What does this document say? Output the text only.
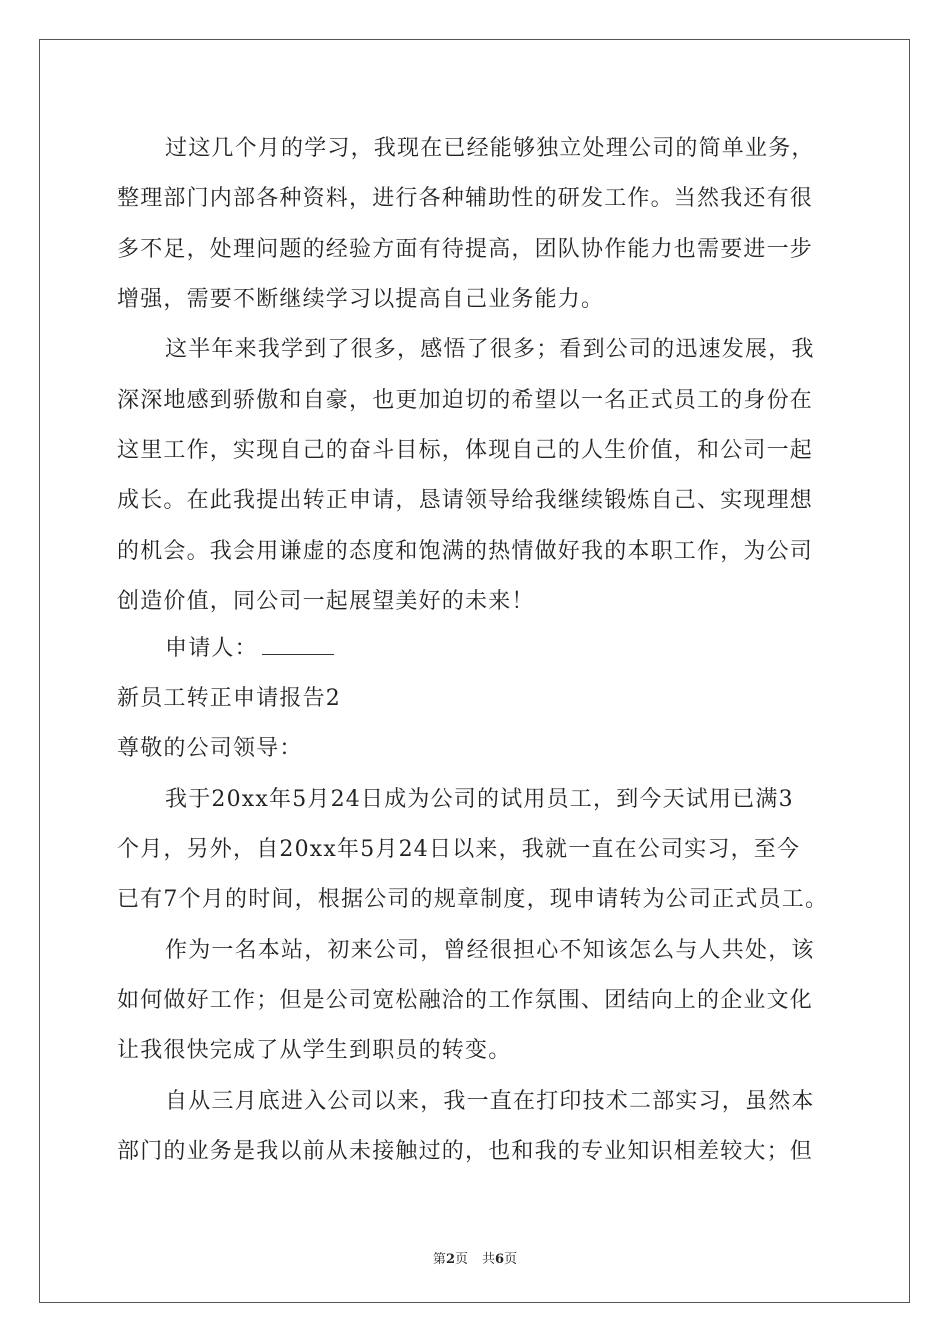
过这几个月的学习，我现在已经能够独立处理公司的简单业务，
整理部门内部各种资料，进行各种辅助性的研发工作。当然我还有很
多不足，处理问题的经验方面有待提高，团队协作能力也需要进一步
增强，需要不断继续学习以提高自己业务能力。
这半年来我学到了很多，感悟了很多；看到公司的迅速发展，我
深深地感到骄傲和自豪，也更加迫切的希望以一名正式员工的身份在
这里工作，实现自己的奋斗目标，体现自己的人生价值，和公司一起
成长。在此我提出转正申请，恳请领导给我继续锻炼自己、实现理想
的机会。我会用谦虚的态度和饱满的热情做好我的本职工作，为公司
创造价值，同公司一起展望美好的未来！
申请人：
新员工转正申请报告2
尊敬的公司领导：
我于20xx年5月24日成为公司的试用员工，到今天试用已满3
个月，另外，自20xx年5月24日以来，我就一直在公司实习，至今
已有7个月的时间，根据公司的规章制度，现申请转为公司正式员工。
作为一名本站，初来公司，曾经很担心不知该怎么与人共处，该
如何做好工作；但是公司宽松融洽的工作氛围、团结向上的企业文化
让我很快完成了从学生到职员的转变。
自从三月底进入公司以来，我一直在打印技术二部实习，虽然本
部门的业务是我以前从未接触过的，也和我的专业知识相差较大；但
第2页 共6页
